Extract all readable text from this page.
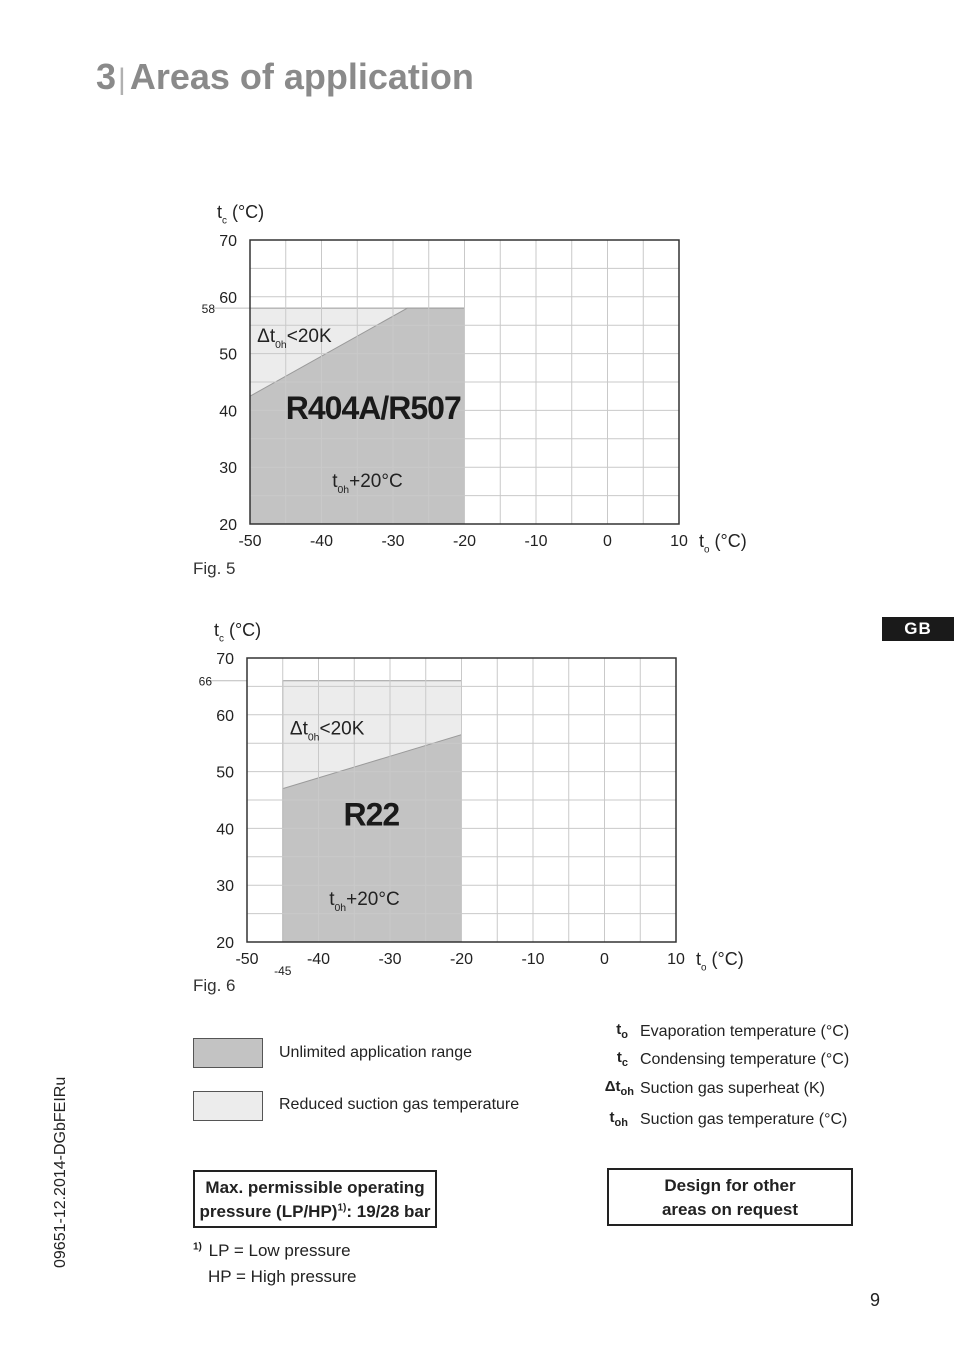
3| Areas of application
20
30
40
50
60
70
-50	-40	-30	-20	-10	0	10
58
$t_c$ (°C)
$t_o$ (°C)
$\Delta t_{0h}<20K$
$t_{0h}+20^\circ C$
R404A/R507
Fig. 5
20
30
40
50
60
70
-50	-40	-30	-20	-10	0	10
66
-45
$t_c$ (°C)
$t_o$ (°C)
$\Delta t_{0h}<20K$
$t_{0h}+20^\circ C$
R22
Fig. 6
GB
Unlimited application range
Reduced suction gas temperature
$t_o$ Evaporation temperature (°C)
$t_c$ Condensing temperature (°C)
$\Delta t_{oh}$ Suction gas superheat (K)
$t_{oh}$ Suction gas temperature (°C)
Max. permissible operating
pressure $(LP/HP)^{1)}$: 19/28 bar
Design for other
areas on request
$^{1)}$ LP = Low pressure
HP = High pressure
09651-12.2014-DGbFEIRu
9
